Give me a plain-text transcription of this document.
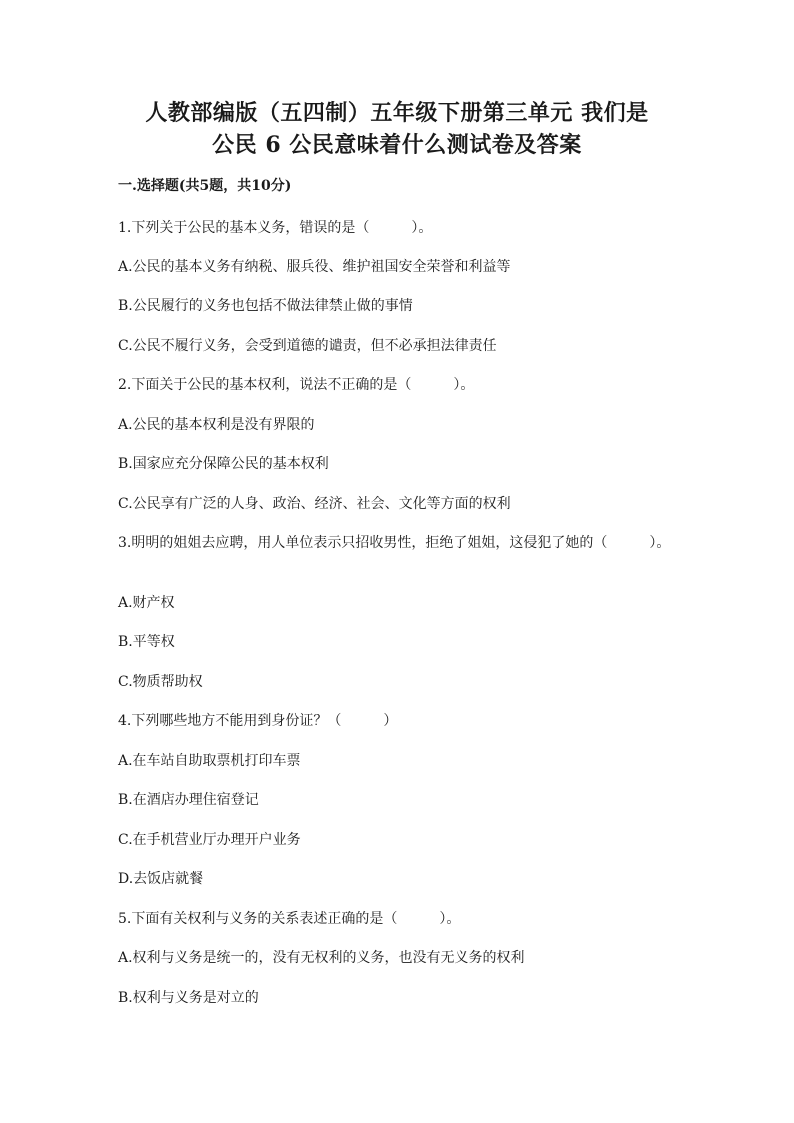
人教部编版（五四制）五年级下册第三单元 我们是
公民 6 公民意味着什么测试卷及答案
一.选择题(共5题，共10分)
1.下列关于公民的基本义务，错误的是（　　　）。
A.公民的基本义务有纳税、服兵役、维护祖国安全荣誉和利益等
B.公民履行的义务也包括不做法律禁止做的事情
C.公民不履行义务，会受到道德的谴责，但不必承担法律责任
2.下面关于公民的基本权利，说法不正确的是（　　　）。
A.公民的基本权利是没有界限的
B.国家应充分保障公民的基本权利
C.公民享有广泛的人身、政治、经济、社会、文化等方面的权利
3.明明的姐姐去应聘，用人单位表示只招收男性，拒绝了姐姐，这侵犯了她的（　　　）。
A.财产权
B.平等权
C.物质帮助权
4.下列哪些地方不能用到身份证？（　　　）
A.在车站自助取票机打印车票
B.在酒店办理住宿登记
C.在手机营业厅办理开户业务
D.去饭店就餐
5.下面有关权利与义务的关系表述正确的是（　　　）。
A.权利与义务是统一的，没有无权利的义务，也没有无义务的权利
B.权利与义务是对立的
